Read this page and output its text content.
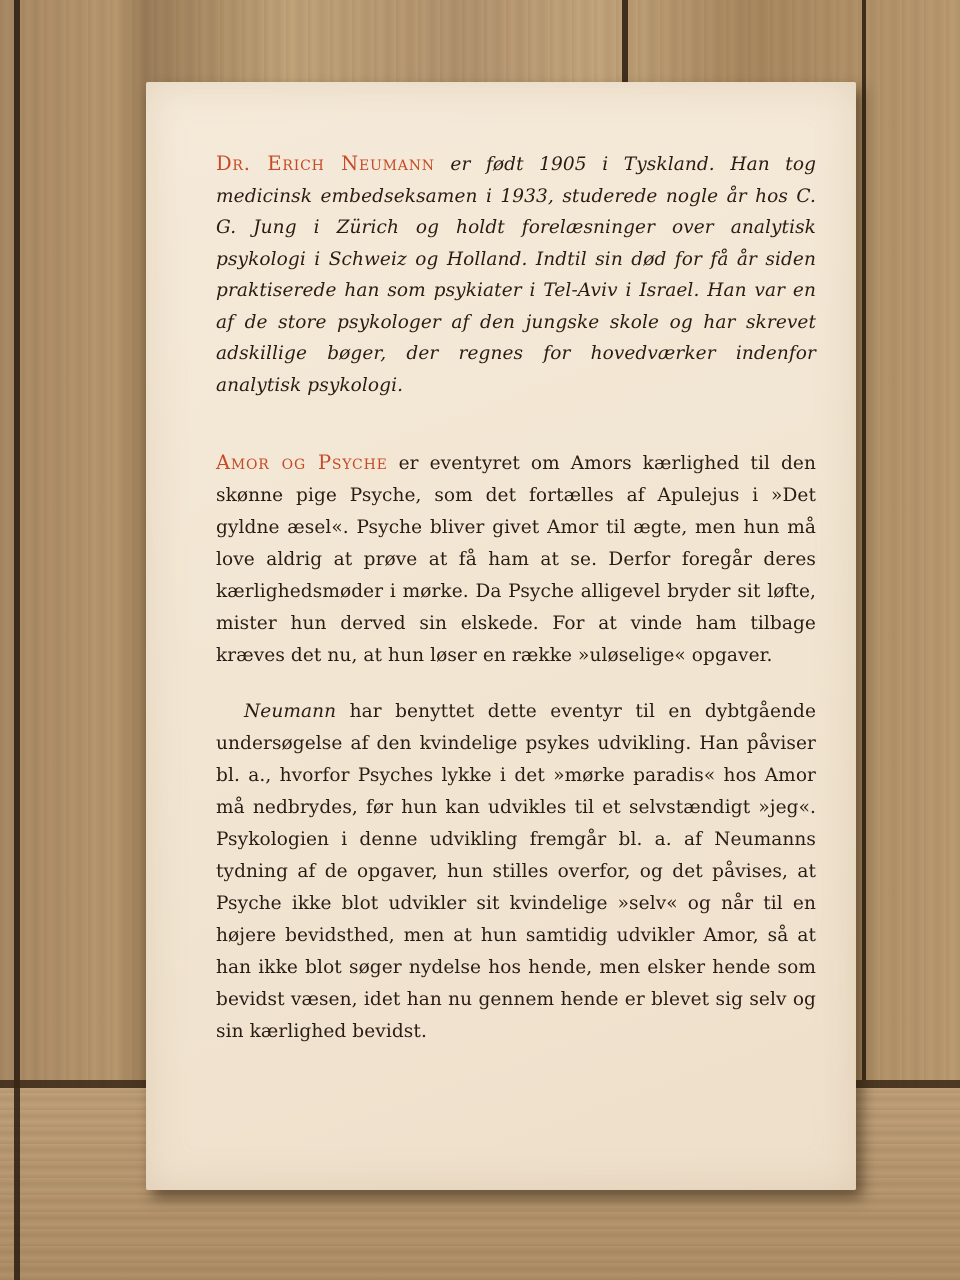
Dr. Erich Neumann er født 1905 i Tyskland. Han tog medicinsk embedseksamen i 1933, studerede nogle år hos C. G. Jung i Zürich og holdt forelæsninger over analytisk psykologi i Schweiz og Holland. Indtil sin død for få år siden praktiserede han som psykiater i Tel-Aviv i Israel. Han var en af de store psykologer af den jungske skole og har skrevet adskillige bøger, der regnes for hovedværker indenfor analytisk psykologi.

Amor og Psyche er eventyret om Amors kærlighed til den skønne pige Psyche, som det fortælles af Apulejus i »Det gyldne æsel«. Psyche bliver givet Amor til ægte, men hun må love aldrig at prøve at få ham at se. Derfor foregår deres kærlighedsmøder i mørke. Da Psyche alligevel bryder sit løfte, mister hun derved sin elskede. For at vinde ham tilbage kræves det nu, at hun løser en række »uløselige« opgaver.

Neumann har benyttet dette eventyr til en dybtgående undersøgelse af den kvindelige psykes udvikling. Han påviser bl. a., hvorfor Psyches lykke i det »mørke paradis« hos Amor må nedbrydes, før hun kan udvikles til et selvstændigt »jeg«. Psykologien i denne udvikling fremgår bl. a. af Neumanns tydning af de opgaver, hun stilles overfor, og det påvises, at Psyche ikke blot udvikler sit kvindelige »selv« og når til en højere bevidsthed, men at hun samtidig udvikler Amor, så at han ikke blot søger nydelse hos hende, men elsker hende som bevidst væsen, idet han nu gennem hende er blevet sig selv og sin kærlighed bevidst.
